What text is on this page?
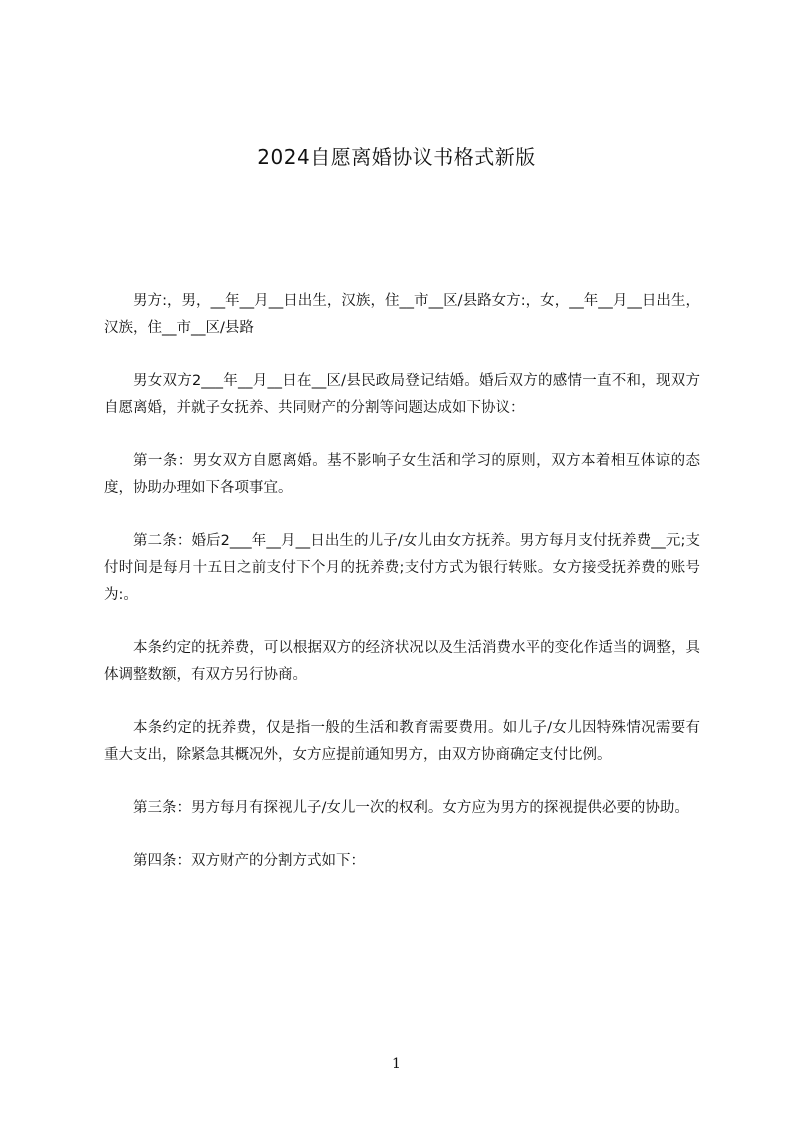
2024自愿离婚协议书格式新版

男方:，男，__年__月__日出生，汉族，住__市__区/县路女方:，女，__年__月__日出生，汉族，住__市__区/县路

男女双方2___年__月__日在__区/县民政局登记结婚。婚后双方的感情一直不和，现双方自愿离婚，并就子女抚养、共同财产的分割等问题达成如下协议：

第一条：男女双方自愿离婚。基不影响子女生活和学习的原则，双方本着相互体谅的态度，协助办理如下各项事宜。

第二条：婚后2___年__月__日出生的儿子/女儿由女方抚养。男方每月支付抚养费__元;支付时间是每月十五日之前支付下个月的抚养费;支付方式为银行转账。女方接受抚养费的账号为:。

本条约定的抚养费，可以根据双方的经济状况以及生活消费水平的变化作适当的调整，具体调整数额，有双方另行协商。

本条约定的抚养费，仅是指一般的生活和教育需要费用。如儿子/女儿因特殊情况需要有重大支出，除紧急其概况外，女方应提前通知男方，由双方协商确定支付比例。

第三条：男方每月有探视儿子/女儿一次的权利。女方应为男方的探视提供必要的协助。

第四条：双方财产的分割方式如下：

1
